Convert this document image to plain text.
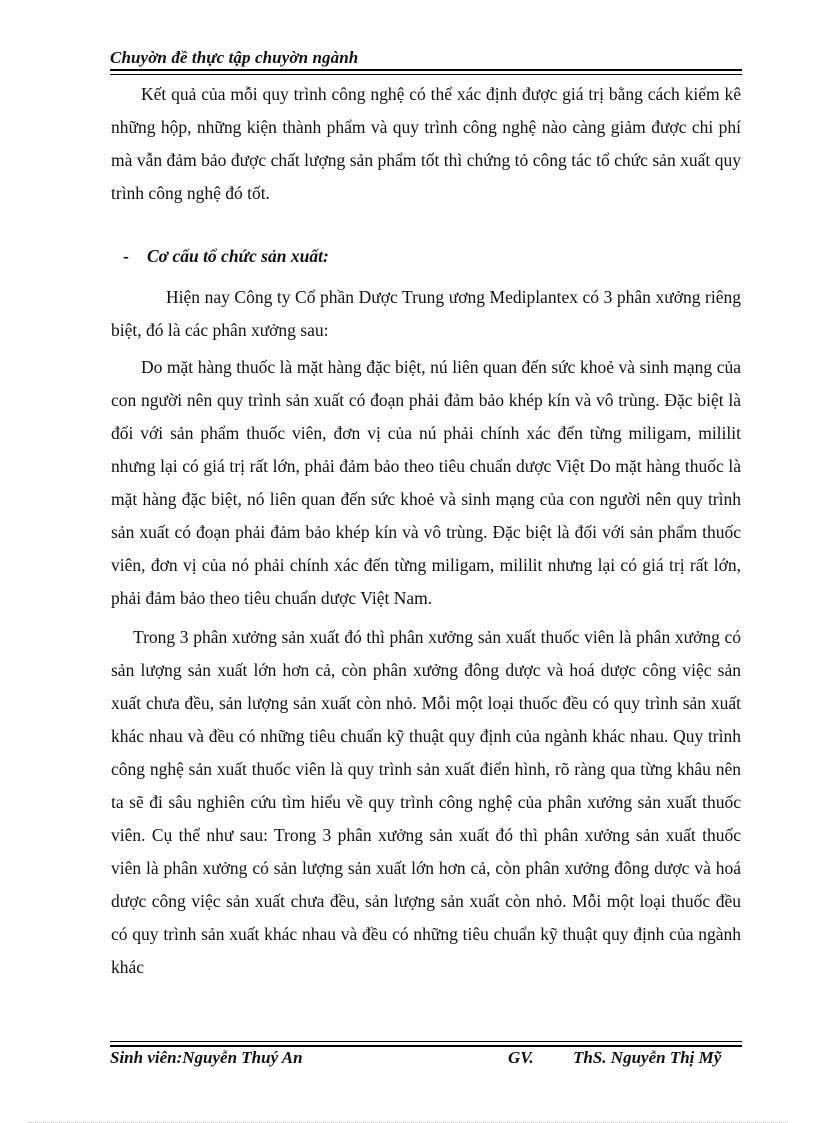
Chuyờn đề thực tập chuyờn ngành

Kết quả của mỗi quy trình công nghệ có thể xác định được giá trị bằng cách kiểm kê những hộp, những kiện thành phẩm và quy trình công nghệ nào càng giảm được chi phí mà vẫn đảm bảo được chất lượng sản phẩm tốt thì chứng tỏ công tác tổ chức sản xuất quy trình công nghệ đó tốt.

- Cơ cấu tổ chức sản xuất:

Hiện nay Công ty Cổ phần Dược Trung ương Mediplantex có 3 phân xưởng riêng biệt, đó là các phân xưởng sau:

Do mặt hàng thuốc là mặt hàng đặc biệt, nú liên quan đến sức khoẻ và sinh mạng của con người nên quy trình sản xuất có đoạn phải đảm bảo khép kín và vô trùng. Đặc biệt là đối với sản phẩm thuốc viên, đơn vị của nú phải chính xác đến từng miligam, mililit nhưng lại có giá trị rất lớn, phải đảm bảo theo tiêu chuẩn dược Việt Do mặt hàng thuốc là mặt hàng đặc biệt, nó liên quan đến sức khoẻ và sinh mạng của con người nên quy trình sản xuất có đoạn phải đảm bảo khép kín và vô trùng. Đặc biệt là đối với sản phẩm thuốc viên, đơn vị của nó phải chính xác đến từng miligam, mililit nhưng lại có giá trị rất lớn, phải đảm bảo theo tiêu chuẩn dược Việt Nam.

Trong 3 phân xưởng sản xuất đó thì phân xưởng sản xuất thuốc viên là phân xưởng có sản lượng sản xuất lớn hơn cả, còn phân xưởng đông dược và hoá dược công việc sản xuất chưa đều, sản lượng sản xuất còn nhỏ. Mỗi một loại thuốc đều có quy trình sản xuất khác nhau và đều có những tiêu chuẩn kỹ thuật quy định của ngành khác nhau. Quy trình công nghệ sản xuất thuốc viên là quy trình sản xuất điển hình, rõ ràng qua từng khâu nên ta sẽ đi sâu nghiên cứu tìm hiểu về quy trình công nghệ của phân xưởng sản xuất thuốc viên. Cụ thể như sau: Trong 3 phân xưởng sản xuất đó thì phân xưởng sản xuất thuốc viên là phân xưởng có sản lượng sản xuất lớn hơn cả, còn phân xưởng đông dược và hoá dược công việc sản xuất chưa đều, sản lượng sản xuất còn nhỏ. Mỗi một loại thuốc đều có quy trình sản xuất khác nhau và đều có những tiêu chuẩn kỹ thuật quy định của ngành khác

Sinh viên:Nguyễn Thuý An	GV. ThS. Nguyễn Thị Mỹ
